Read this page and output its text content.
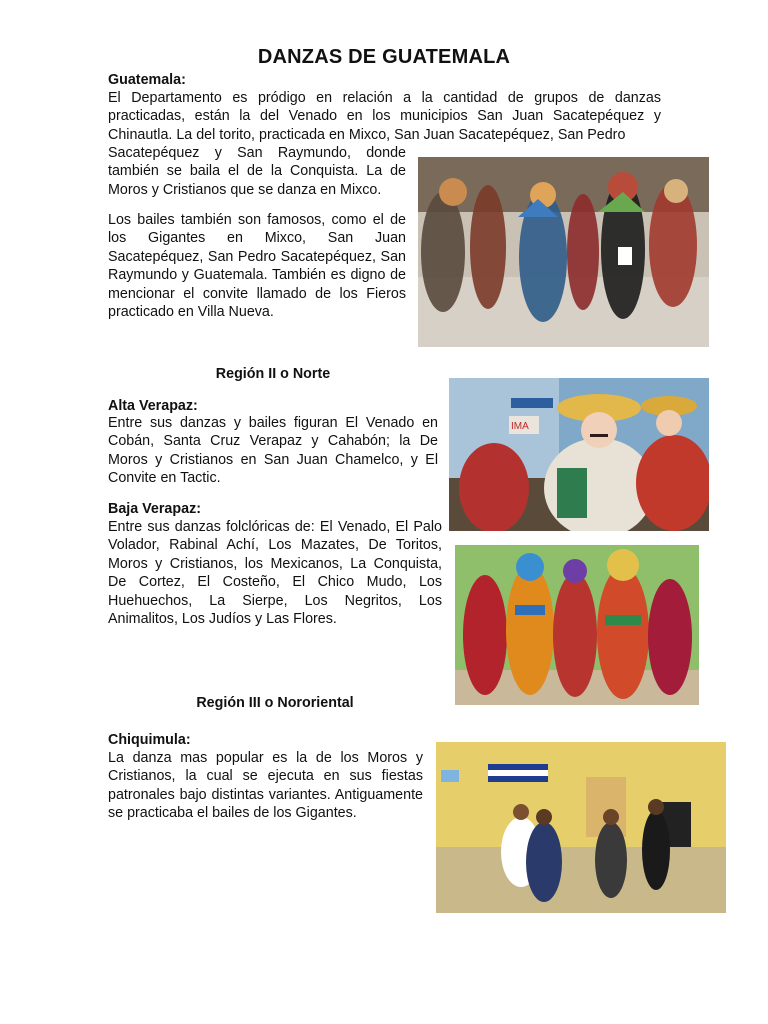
DANZAS DE GUATEMALA
Guatemala:
El Departamento es pródigo en relación a la cantidad de grupos de danzas practicadas, están la del Venado en los municipios San Juan Sacatepéquez y Chinautla. La del torito, practicada en Mixco, San Juan Sacatepéquez, San Pedro
Sacatepéquez y San Raymundo, donde también se baila el de la Conquista. La de Moros y Cristianos que se danza en Mixco.
Los bailes también son famosos, como el de los Gigantes en Mixco, San Juan Sacatepéquez, San Pedro Sacatepéquez, San Raymundo y Guatemala. También es digno de mencionar el convite llamado de los Fieros practicado en Villa Nueva.
Región II o Norte
Alta Verapaz:
Entre sus danzas y bailes figuran El Venado en Cobán, Santa Cruz Verapaz y Cahabón; la De Moros y Cristianos en San Juan Chamelco, y El Convite en Tactic.
Baja Verapaz:
Entre sus danzas folclóricas de: El Venado, El Palo Volador, Rabinal Achí, Los Mazates, De Toritos, Moros y Cristianos, los Mexicanos, La Conquista, De Cortez, El Costeño, El Chico Mudo, Los Huehuechos, La Sierpe, Los Negritos, Los Animalitos, Los Judíos y Las Flores.
IMA
Región III o Nororiental
Chiquimula:
La danza mas popular es la de los Moros y Cristianos, la cual se ejecuta en sus fiestas patronales bajo distintas variantes. Antiguamente se practicaba el bailes de los Gigantes.
